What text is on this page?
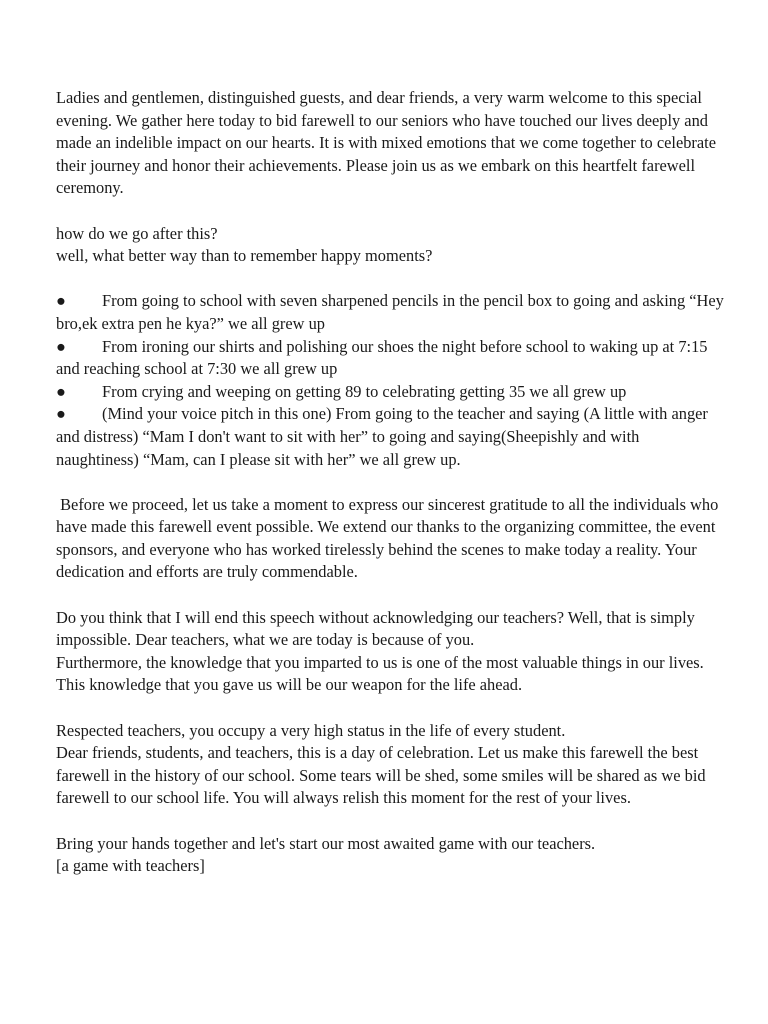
Ladies and gentlemen, distinguished guests, and dear friends, a very warm welcome to this special evening. We gather here today to bid farewell to our seniors who have touched our lives deeply and made an indelible impact on our hearts. It is with mixed emotions that we come together to celebrate their journey and honor their achievements. Please join us as we embark on this heartfelt farewell ceremony.

how do we go after this?
well, what better way than to remember happy moments?

● From going to school with seven sharpened pencils in the pencil box to going and asking “Hey bro,ek extra pen he kya?” we all grew up
● From ironing our shirts and polishing our shoes the night before school to waking up at 7:15 and reaching school at 7:30 we all grew up
● From crying and weeping on getting 89 to celebrating getting 35 we all grew up
● (Mind your voice pitch in this one) From going to the teacher and saying (A little with anger and distress) “Mam I don't want to sit with her” to going and saying(Sheepishly and with naughtiness) “Mam, can I please sit with her” we all grew up.

Before we proceed, let us take a moment to express our sincerest gratitude to all the individuals who have made this farewell event possible. We extend our thanks to the organizing committee, the event sponsors, and everyone who has worked tirelessly behind the scenes to make today a reality. Your dedication and efforts are truly commendable.

Do you think that I will end this speech without acknowledging our teachers? Well, that is simply impossible. Dear teachers, what we are today is because of you.
Furthermore, the knowledge that you imparted to us is one of the most valuable things in our lives. This knowledge that you gave us will be our weapon for the life ahead.

Respected teachers, you occupy a very high status in the life of every student.
Dear friends, students, and teachers, this is a day of celebration. Let us make this farewell the best farewell in the history of our school. Some tears will be shed, some smiles will be shared as we bid farewell to our school life. You will always relish this moment for the rest of your lives.

Bring your hands together and let's start our most awaited game with our teachers.
[a game with teachers]
